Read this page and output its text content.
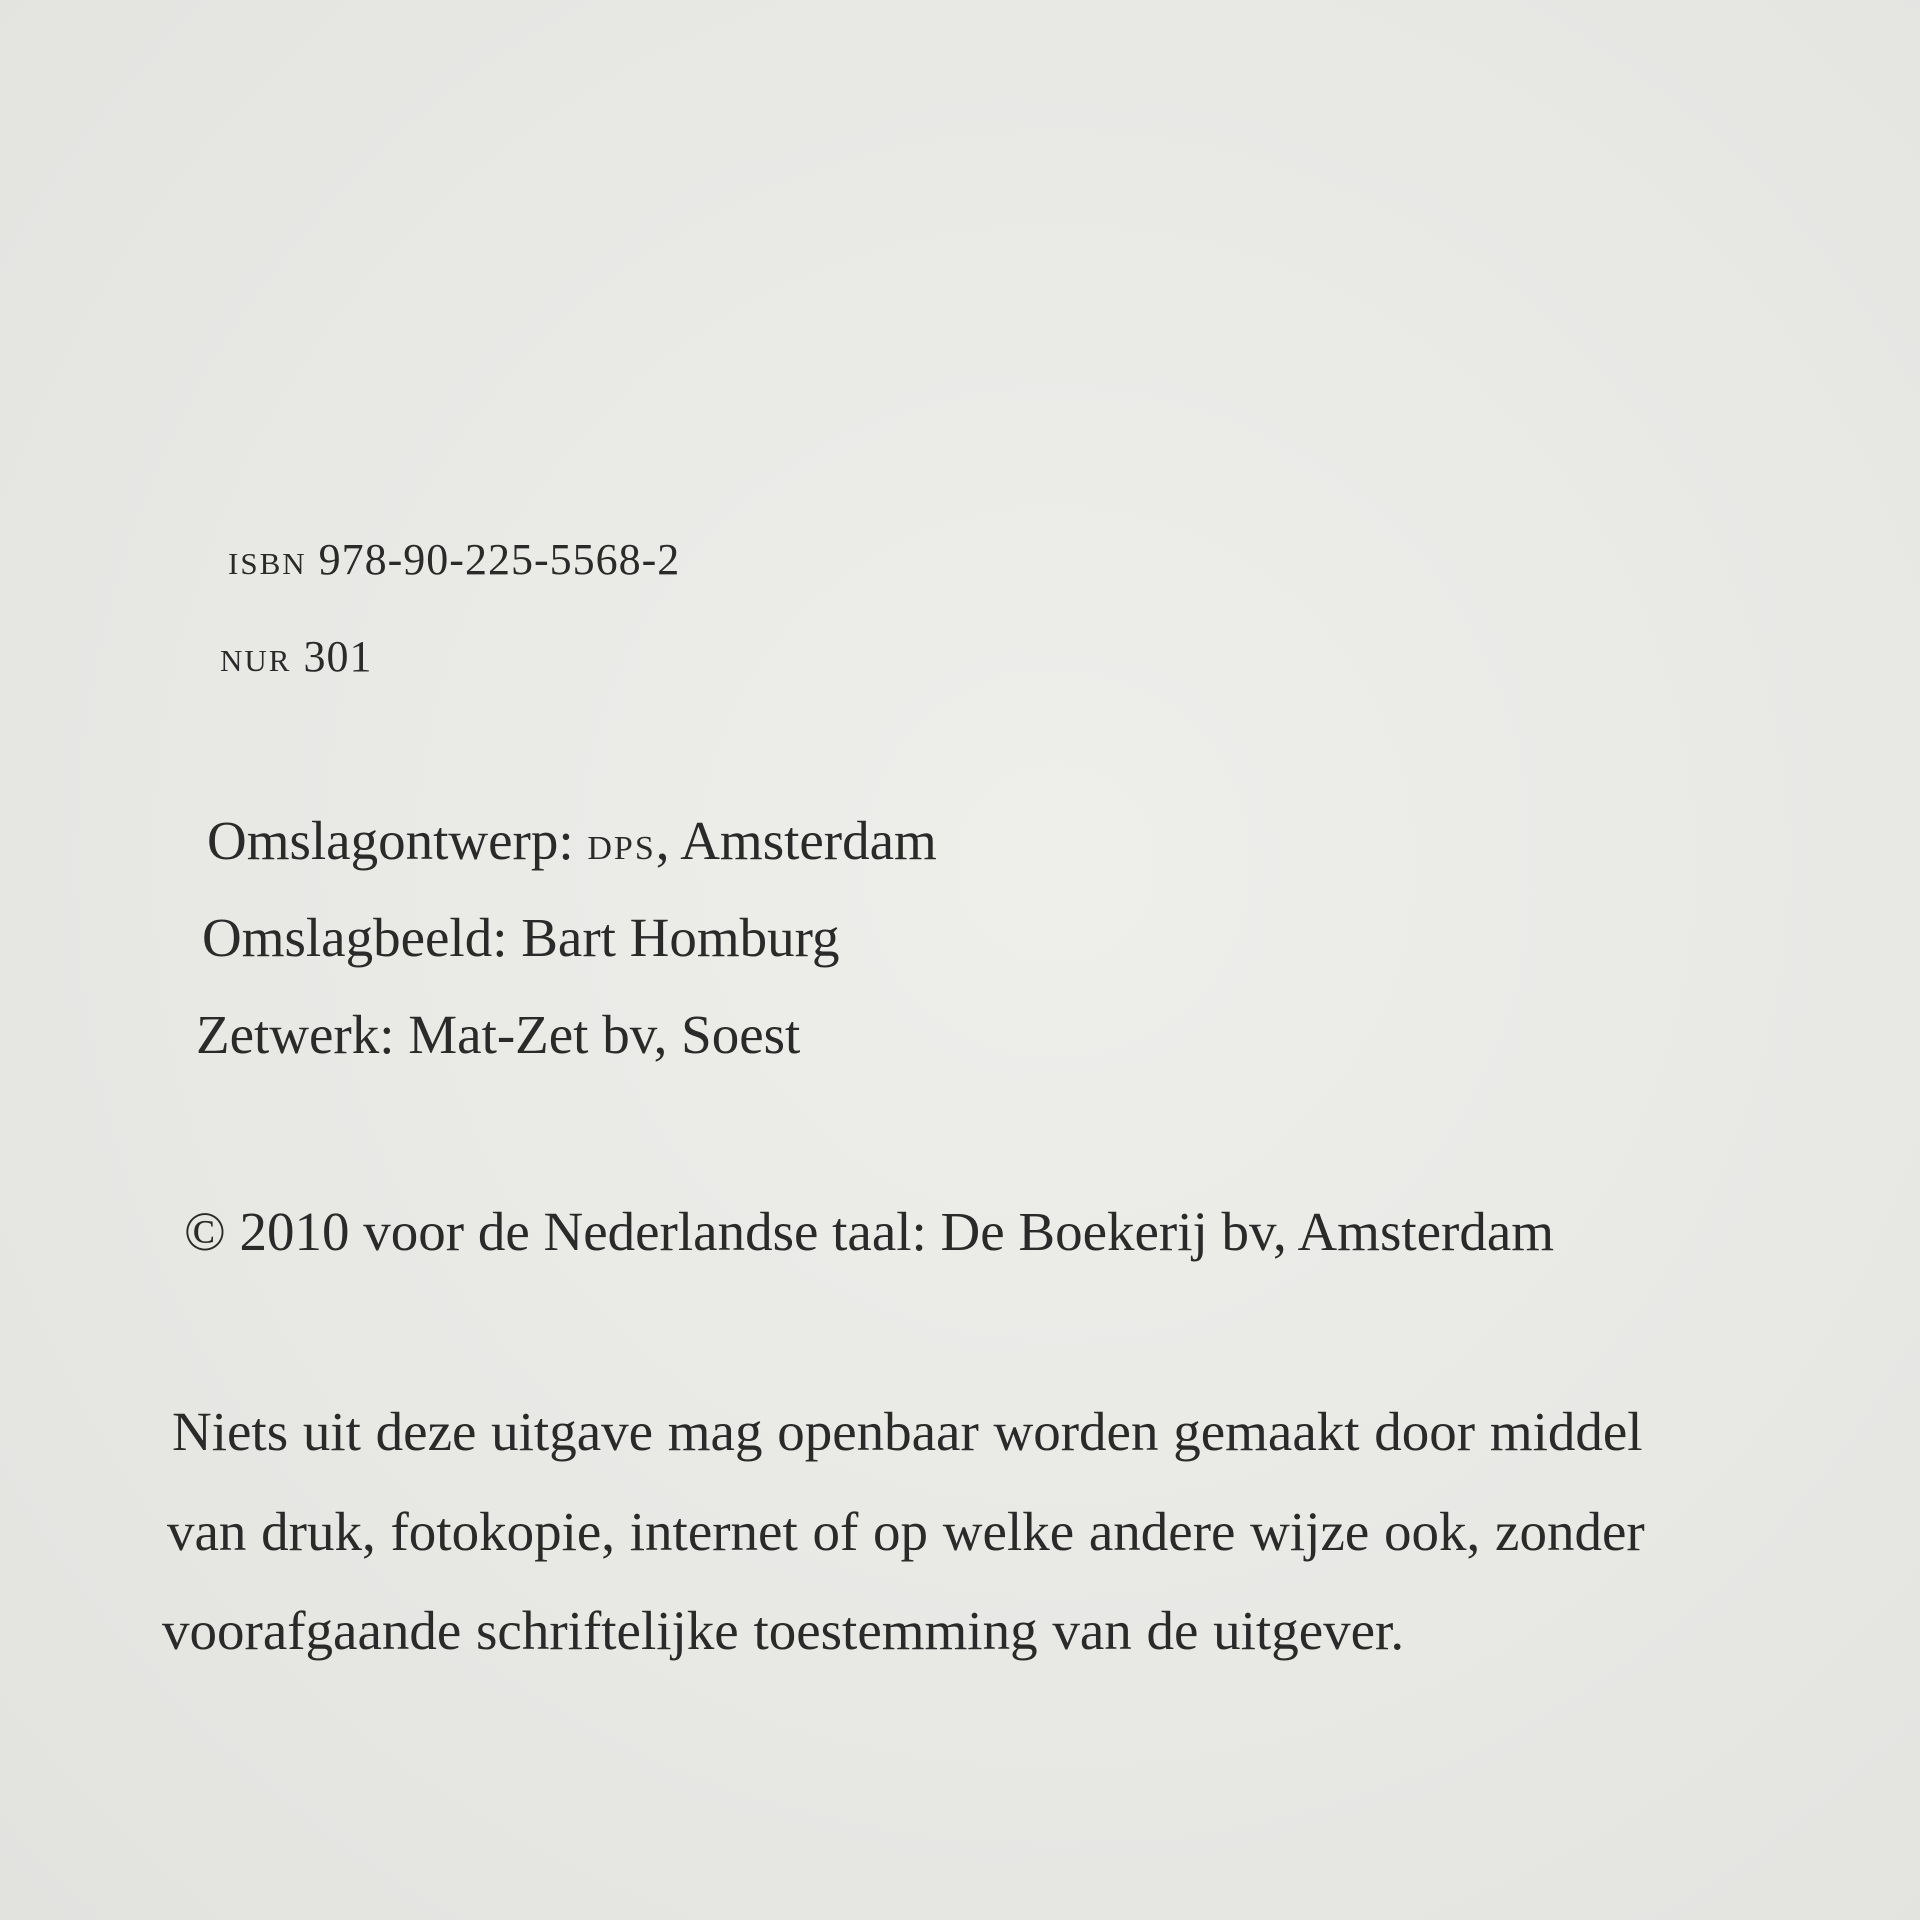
isbn 978-90-225-5568-2
nur 301
Omslagontwerp: dps, Amsterdam
Omslagbeeld: Bart Homburg
Zetwerk: Mat-Zet bv, Soest
© 2010 voor de Nederlandse taal: De Boekerij bv, Amsterdam
Niets uit deze uitgave mag openbaar worden gemaakt door middel
van druk, fotokopie, internet of op welke andere wijze ook, zonder
voorafgaande schriftelijke toestemming van de uitgever.
